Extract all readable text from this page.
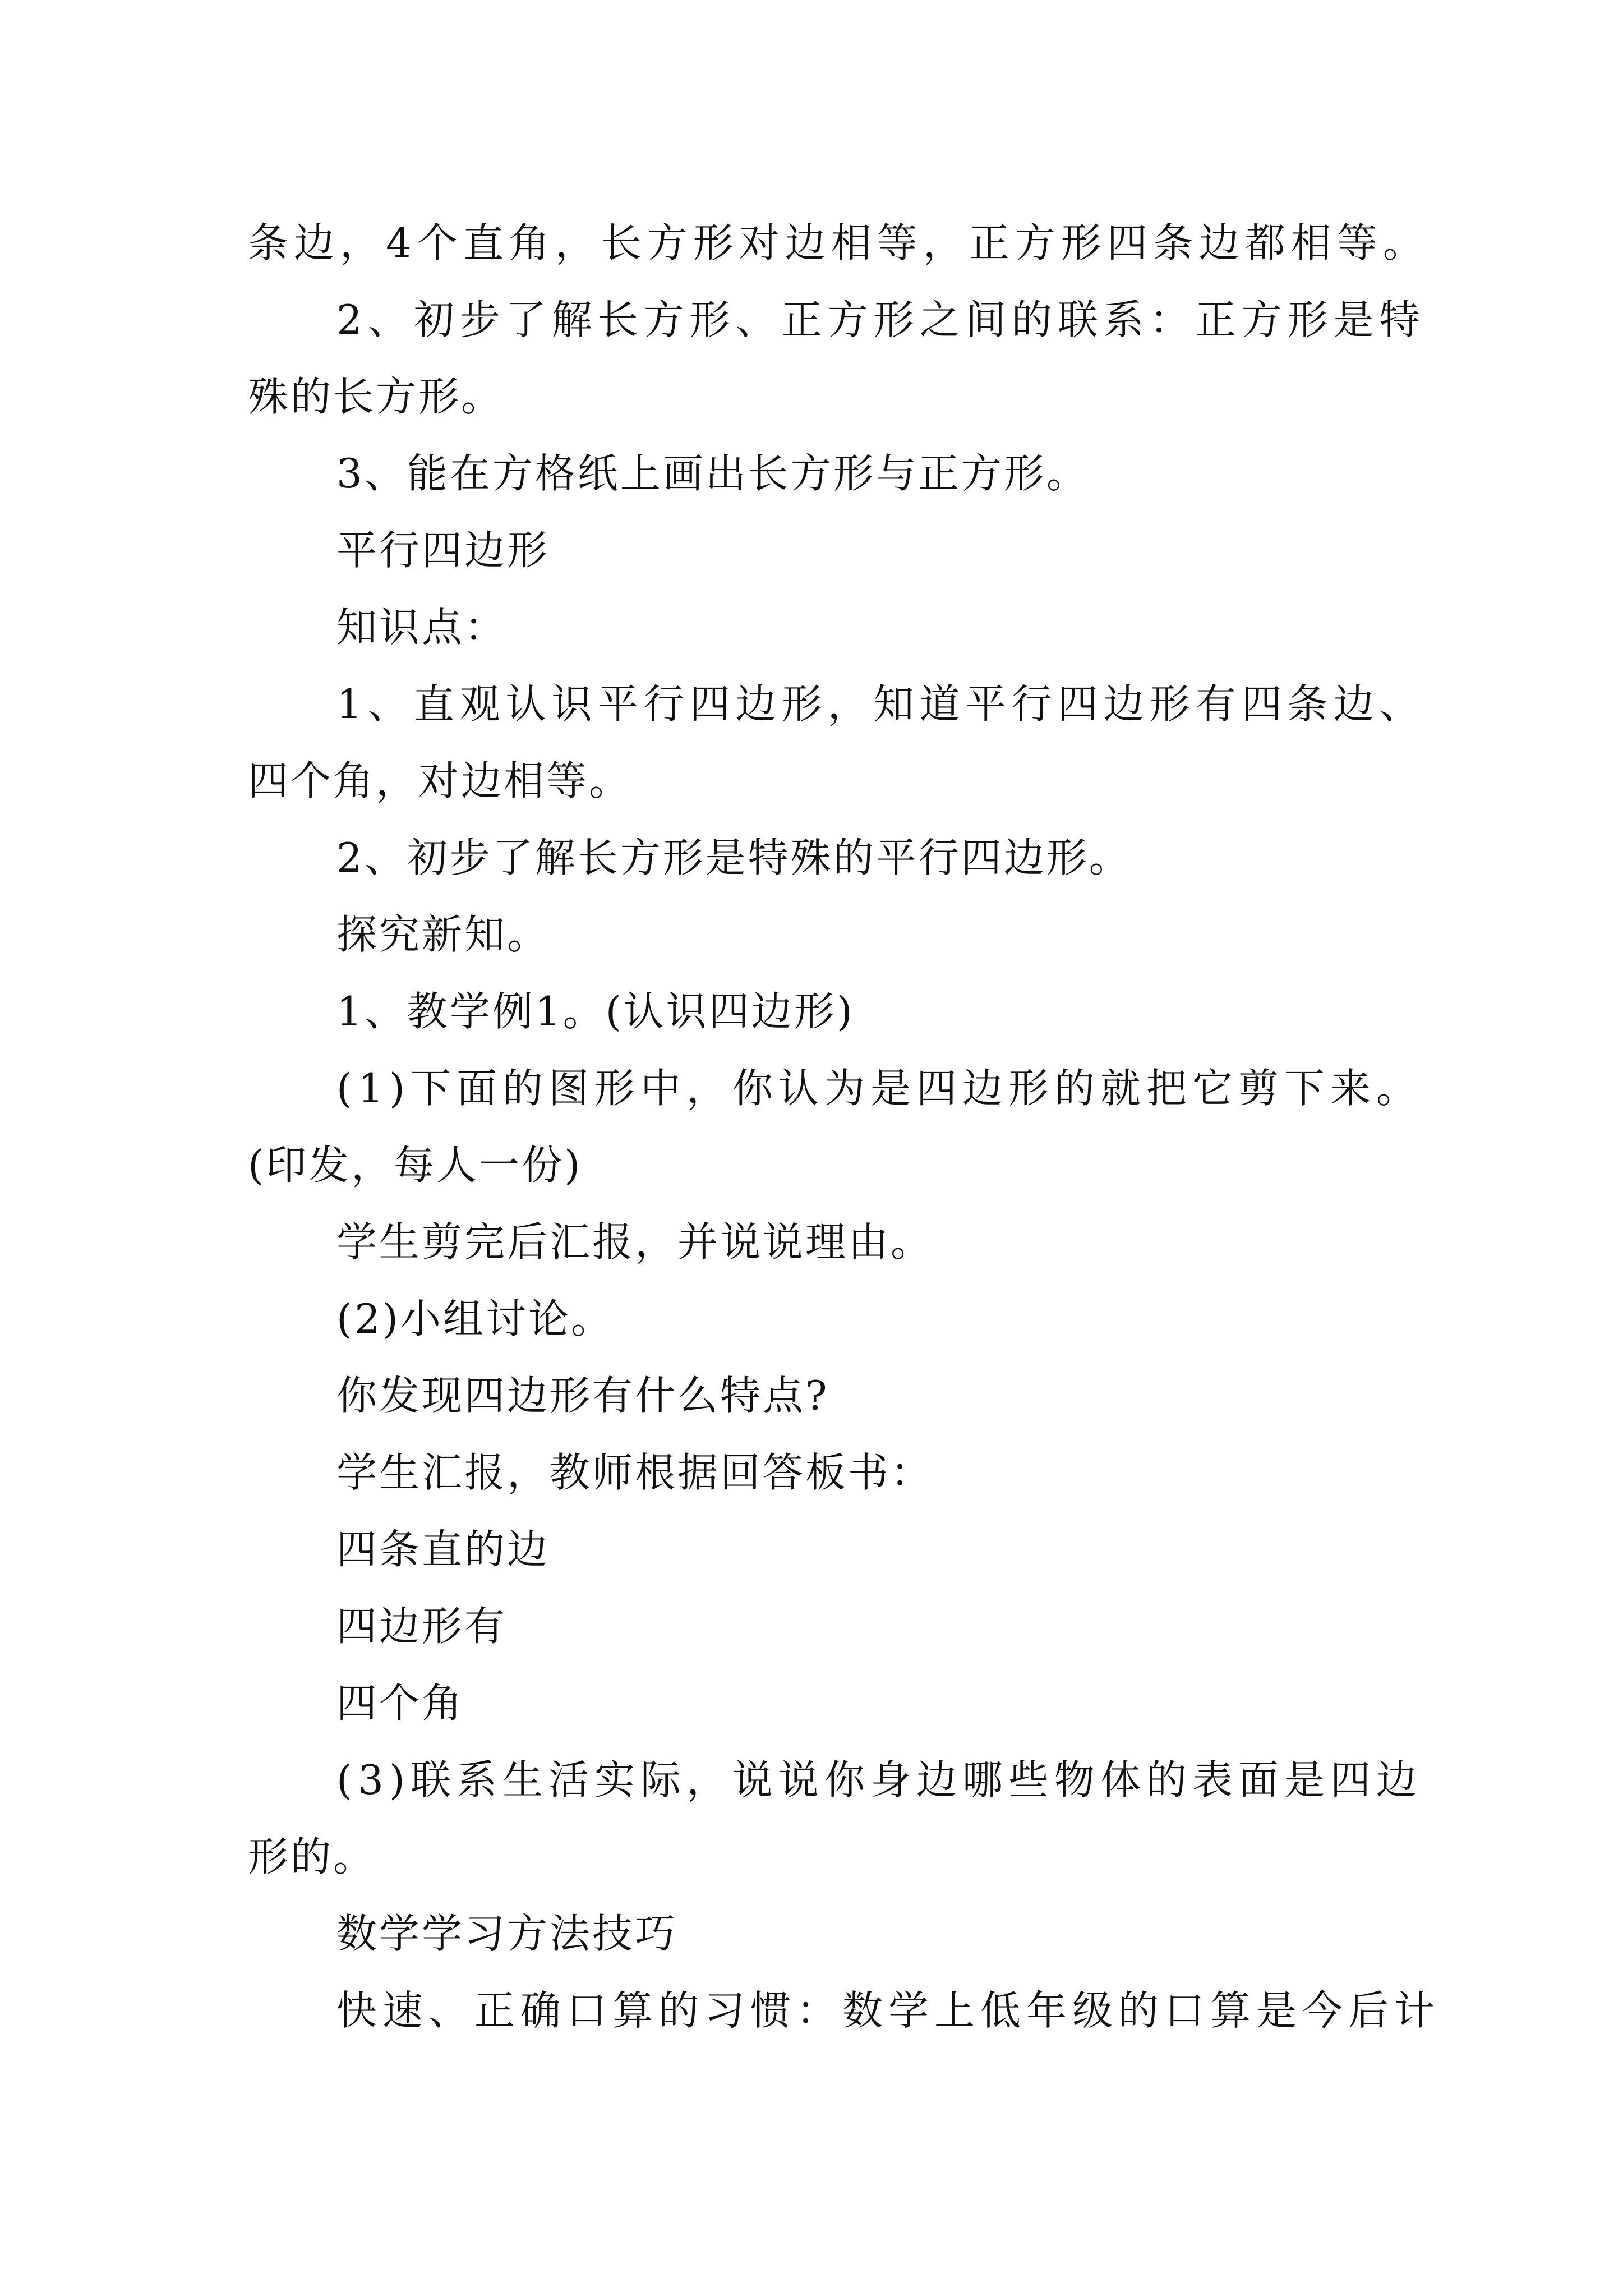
条边，4个直角，长方形对边相等，正方形四条边都相等。
2、初步了解长方形、正方形之间的联系：正方形是特
殊的长方形。
3、能在方格纸上画出长方形与正方形。
平行四边形
知识点：
1、直观认识平行四边形，知道平行四边形有四条边、
四个角，对边相等。
2、初步了解长方形是特殊的平行四边形。
探究新知。
1、教学例1。(认识四边形)
(1)下面的图形中，你认为是四边形的就把它剪下来。
(印发，每人一份)
学生剪完后汇报，并说说理由。
(2)小组讨论。
你发现四边形有什么特点?
学生汇报，教师根据回答板书：
四条直的边
四边形有
四个角
(3)联系生活实际，说说你身边哪些物体的表面是四边
形的。
数学学习方法技巧
快速、正确口算的习惯：数学上低年级的口算是今后计
